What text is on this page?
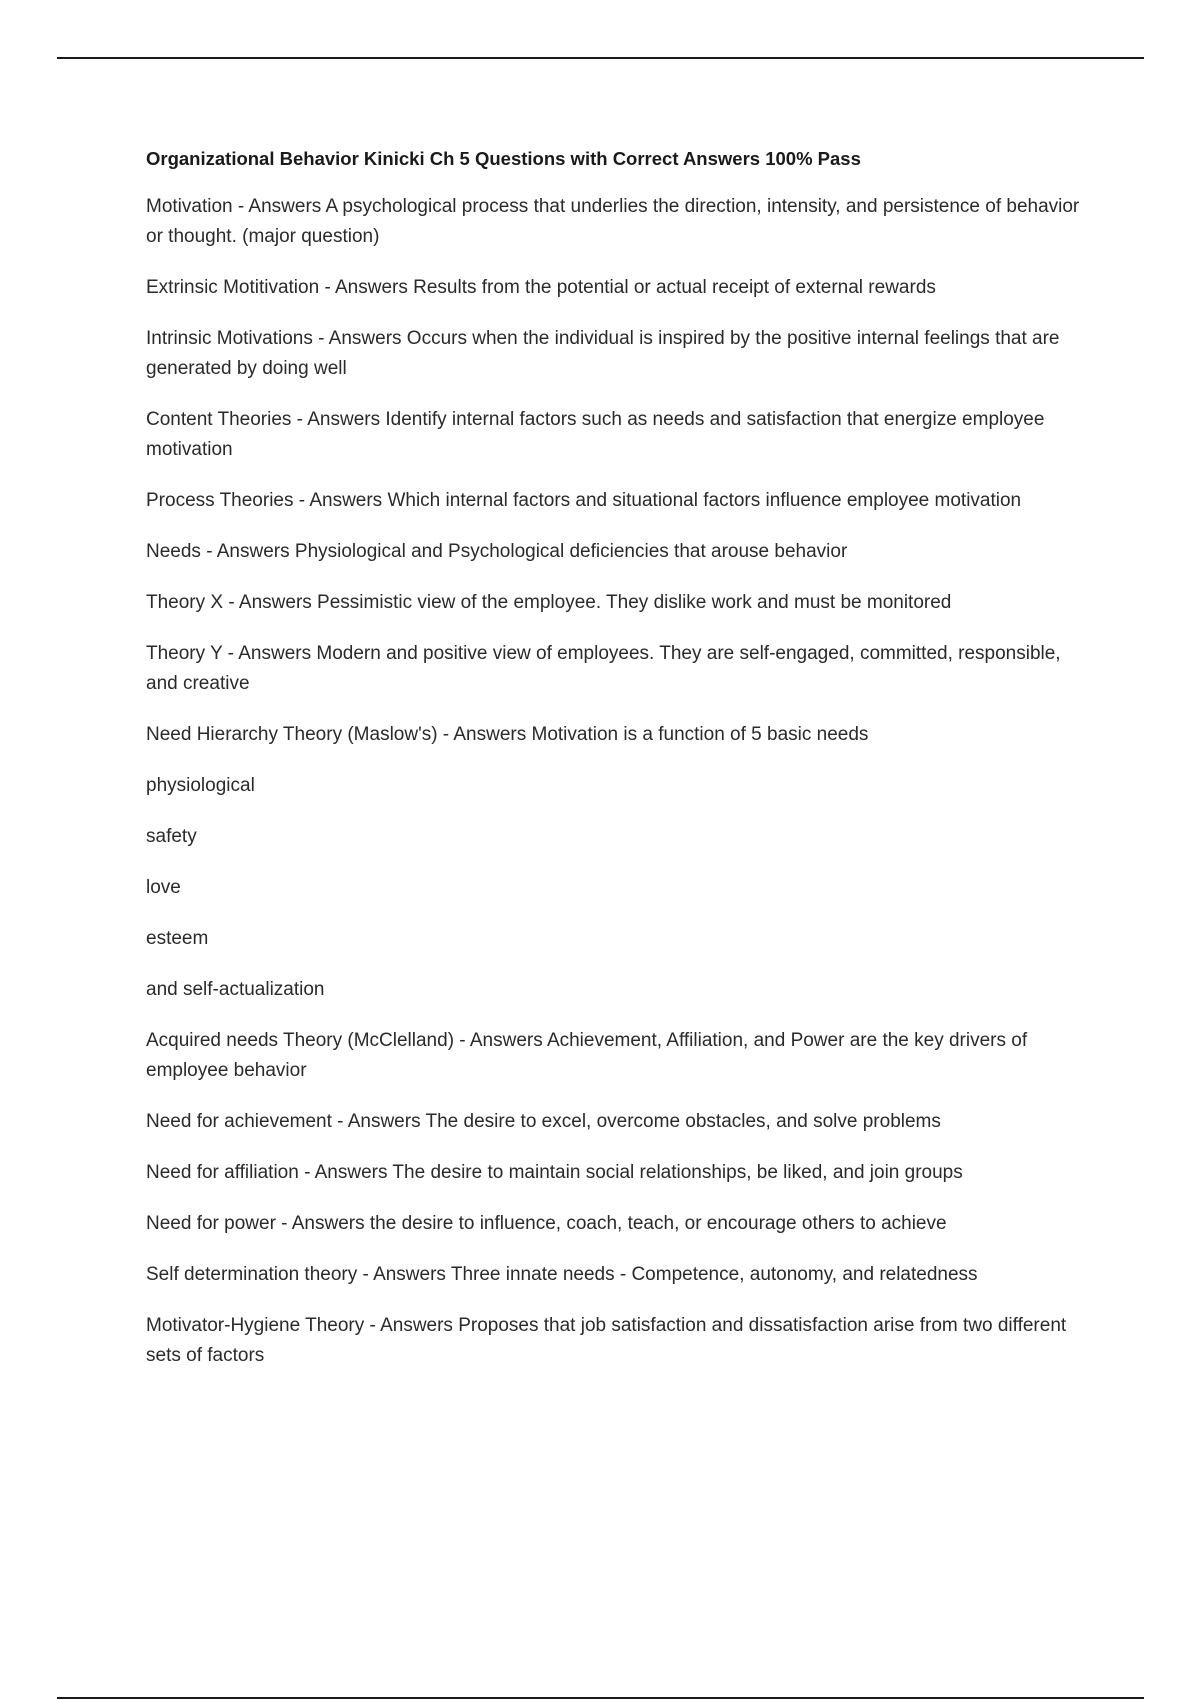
Organizational Behavior Kinicki Ch 5 Questions with Correct Answers 100% Pass
Motivation - Answers A psychological process that underlies the direction, intensity, and persistence of behavior or thought. (major question)
Extrinsic Motitivation - Answers Results from the potential or actual receipt of external rewards
Intrinsic Motivations - Answers Occurs when the individual is inspired by the positive internal feelings that are generated by doing well
Content Theories - Answers Identify internal factors such as needs and satisfaction that energize employee motivation
Process Theories - Answers Which internal factors and situational factors influence employee motivation
Needs - Answers Physiological and Psychological deficiencies that arouse behavior
Theory X - Answers Pessimistic view of the employee. They dislike work and must be monitored
Theory Y - Answers Modern and positive view of employees. They are self-engaged, committed, responsible, and creative
Need Hierarchy Theory (Maslow's) - Answers Motivation is a function of 5 basic needs
physiological
safety
love
esteem
and self-actualization
Acquired needs Theory (McClelland) - Answers Achievement, Affiliation, and Power are the key drivers of employee behavior
Need for achievement - Answers The desire to excel, overcome obstacles, and solve problems
Need for affiliation - Answers The desire to maintain social relationships, be liked, and join groups
Need for power - Answers the desire to influence, coach, teach, or encourage others to achieve
Self determination theory - Answers Three innate needs - Competence, autonomy, and relatedness
Motivator-Hygiene Theory - Answers Proposes that job satisfaction and dissatisfaction arise from two different sets of factors
